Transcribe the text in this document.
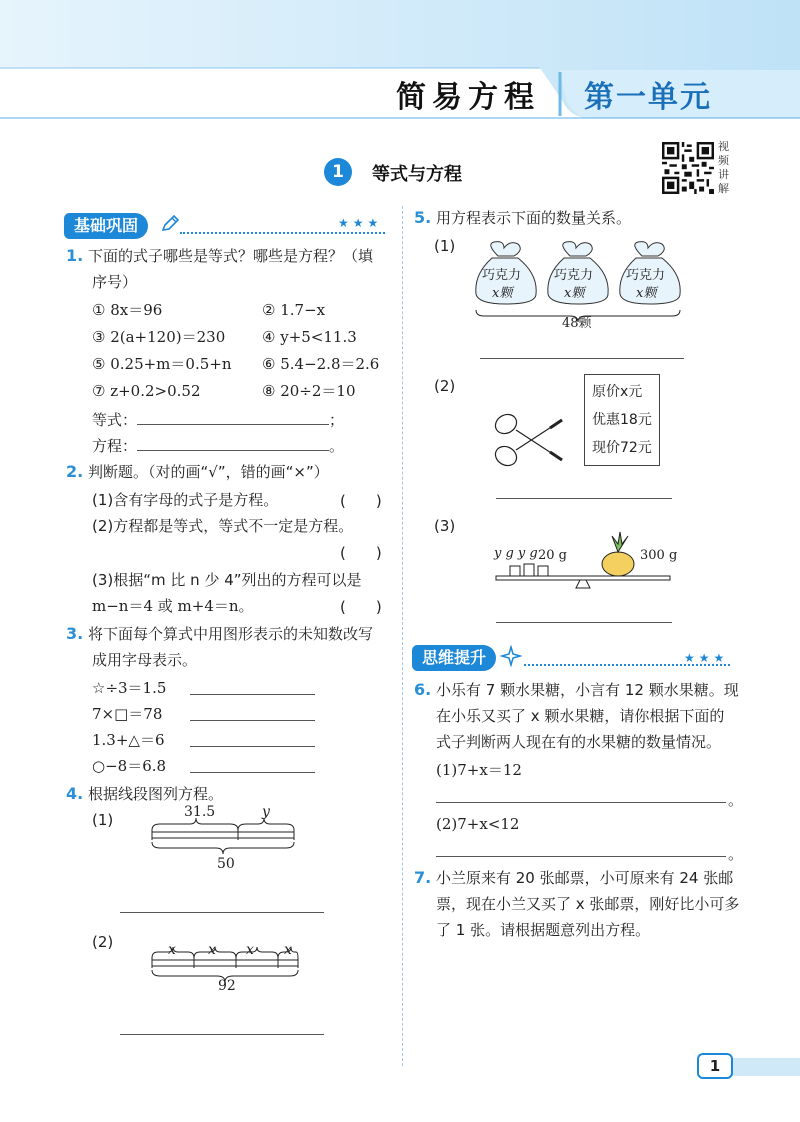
简易方程 第一单元
1	等式与方程
视频讲解
基础巩固	★★★
1. 下面的式子哪些是等式？哪些是方程？（填
序号）
① 8x＝96	② 1.7−x
③ 2(a+120)＝230 ④ y+5<11.3
⑤ 0.25+m＝0.5+n ⑥ 5.4−2.8＝2.6
⑦ z+0.2>0.52	⑧ 20÷2＝10
等式：	；
方程：	。
2. 判断题。（对的画“√”，错的画“×”）
(1)含有字母的式子是方程。	(　　)
(2)方程都是等式，等式不一定是方程。
(　　)
(3)根据“m 比 n 少 4”列出的方程可以是
m−n＝4 或 m+4＝n。	(　　)
3. 将下面每个算式中用图形表示的未知数改写
成用字母表示。
☆÷3＝1.5
7×□＝78
1.3+△＝6
○−8＝6.8
4. 根据线段图列方程。
(1)	31.5	y
50
(2)	x x x x
92
5. 用方程表示下面的数量关系。
(1)
巧克力
x颗
巧克力
x颗
巧克力
x颗
48颗
(2)	原价x元
优惠18元
现价72元
(3)
y g y g 20 g	300 g
思维提升	★★★
6. 小乐有 7 颗水果糖，小言有 12 颗水果糖。现
在小乐又买了 x 颗水果糖，请你根据下面的
式子判断两人现在有的水果糖的数量情况。
(1)7+x＝12
。
(2)7+x<12
。
7. 小兰原来有 20 张邮票，小可原来有 24 张邮
票，现在小兰又买了 x 张邮票，刚好比小可多
了 1 张。请根据题意列出方程。
1
